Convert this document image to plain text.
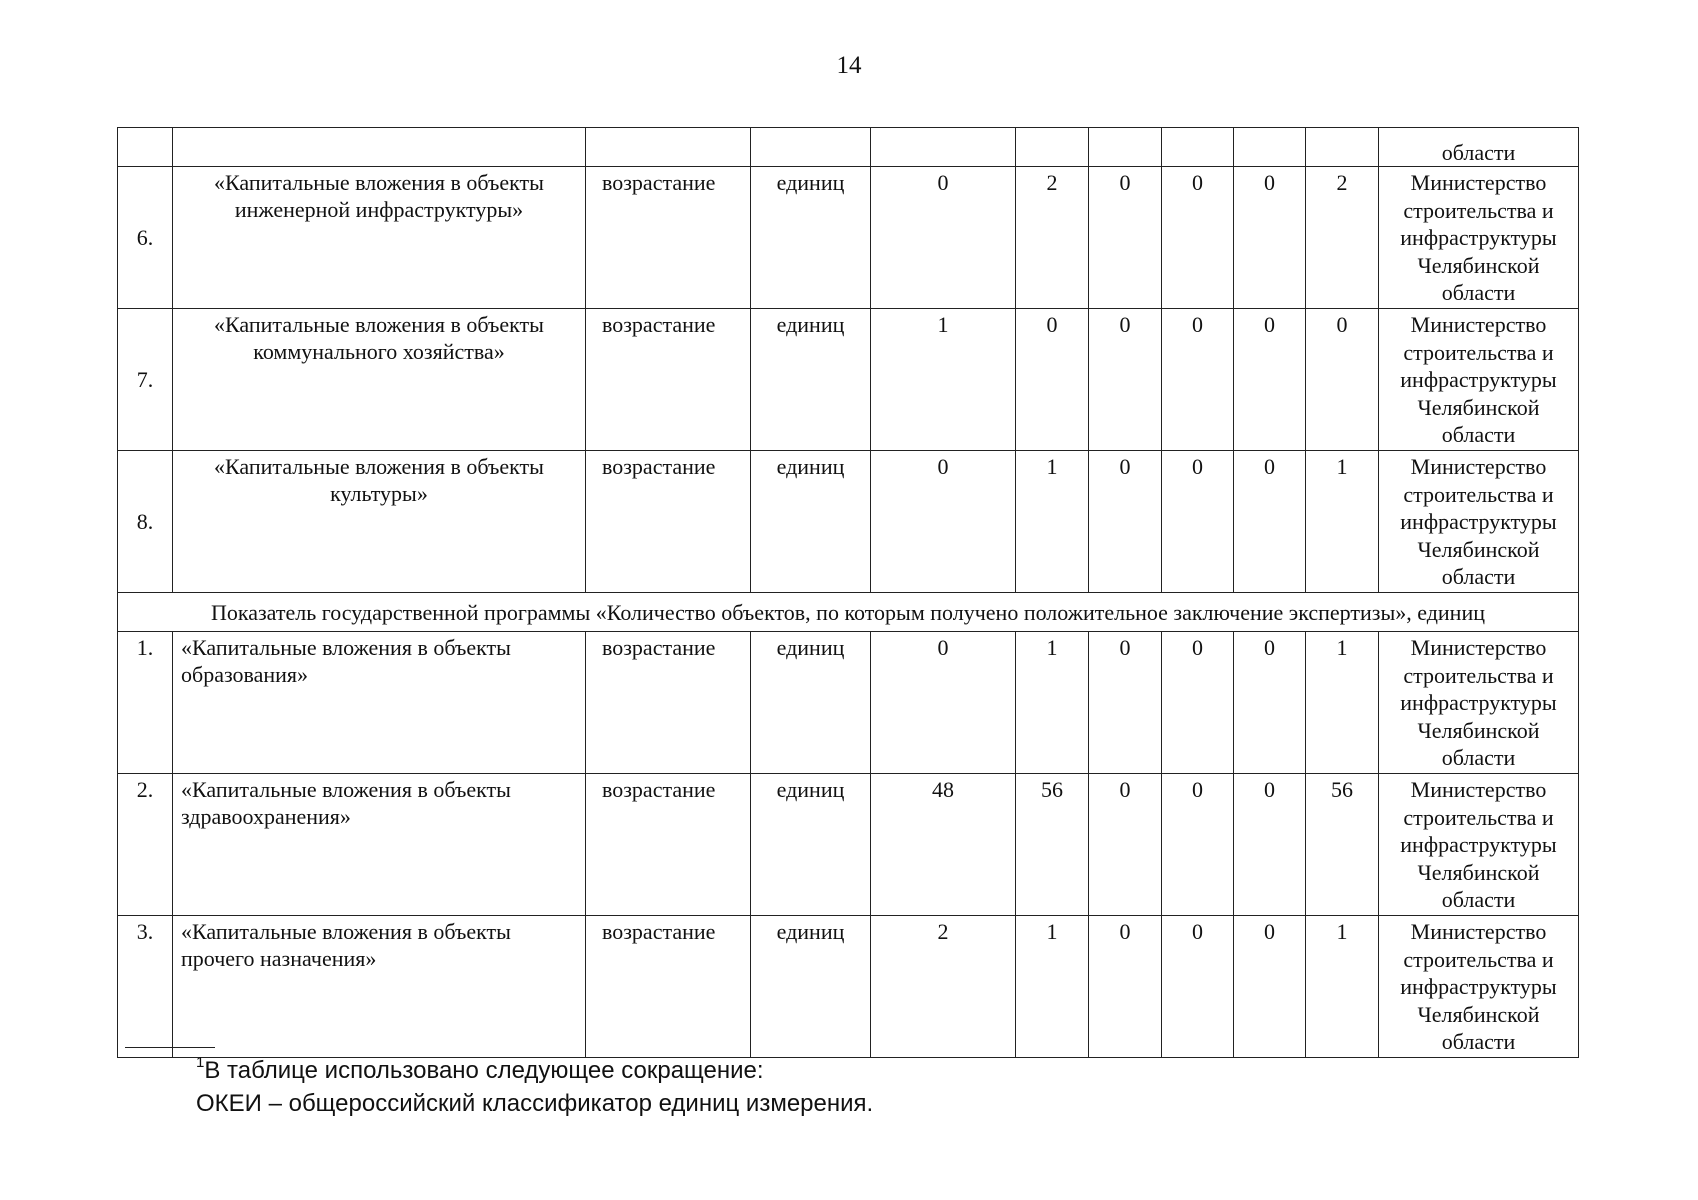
14
										области
6.	«Капитальные вложения в объекты инженерной инфраструктуры»	возрастание	единиц	0	2	0	0	0	2	Министерство строительства и инфраструктуры Челябинской области
7.	«Капитальные вложения в объекты коммунального хозяйства»	возрастание	единиц	1	0	0	0	0	0	Министерство строительства и инфраструктуры Челябинской области
8.	«Капитальные вложения в объекты культуры»	возрастание	единиц	0	1	0	0	0	1	Министерство строительства и инфраструктуры Челябинской области
Показатель государственной программы «Количество объектов, по которым получено положительное заключение экспертизы», единиц										
1.	«Капитальные вложения в объекты образования»	возрастание	единиц	0	1	0	0	0	1	Министерство строительства и инфраструктуры Челябинской области
2.	«Капитальные вложения в объекты здравоохранения»	возрастание	единиц	48	56	0	0	0	56	Министерство строительства и инфраструктуры Челябинской области
3.	«Капитальные вложения в объекты прочего назначения»	возрастание	единиц	2	1	0	0	0	1	Министерство строительства и инфраструктуры Челябинской области
$^1$В таблице использовано следующее сокращение:
ОКЕИ – общероссийский классификатор единиц измерения.
